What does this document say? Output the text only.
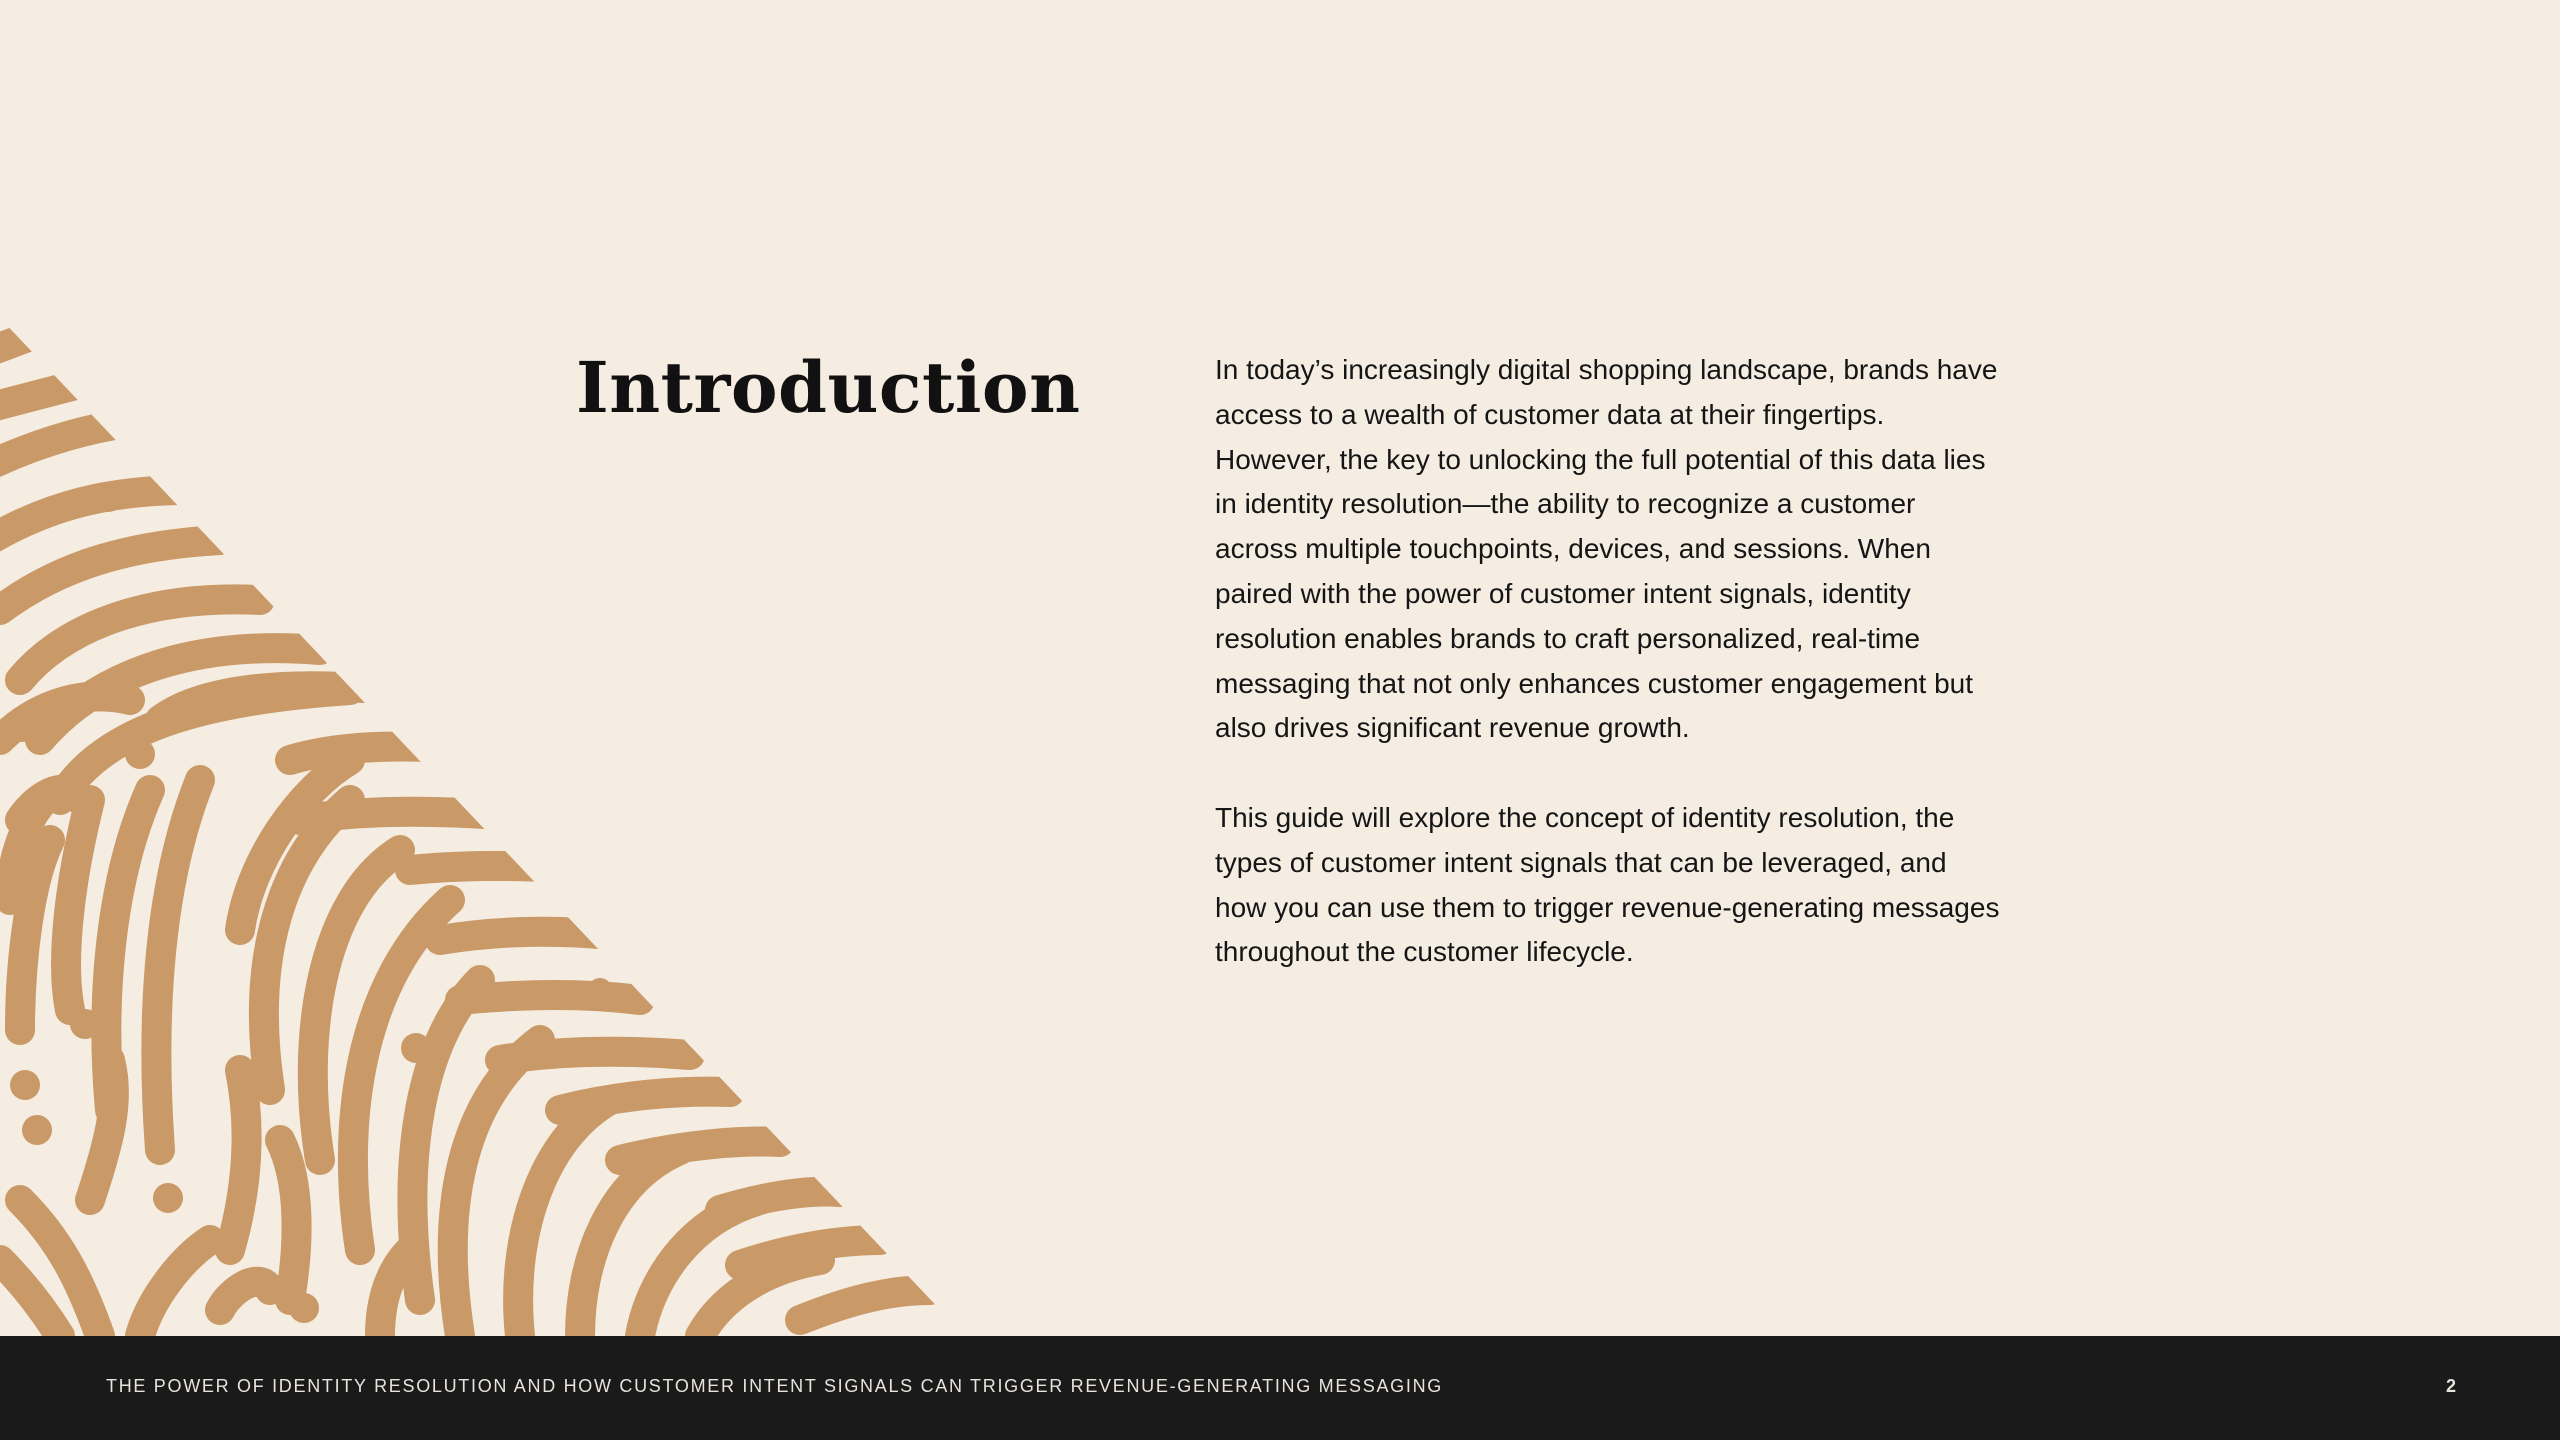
Introduction	In today’s increasingly digital shopping landscape, brands have access to a wealth of customer data at their fingertips. However, the key to unlocking the full potential of this data lies in identity resolution—the ability to recognize a customer across multiple touchpoints, devices, and sessions. When paired with the power of customer intent signals, identity resolution enables brands to craft personalized, real-time messaging that not only enhances customer engagement but also drives significant revenue growth.

This guide will explore the concept of identity resolution, the types of customer intent signals that can be leveraged, and how you can use them to trigger revenue-generating messages throughout the customer lifecycle.

THE POWER OF IDENTITY RESOLUTION AND HOW CUSTOMER INTENT SIGNALS CAN TRIGGER REVENUE-GENERATING MESSAGING	2
